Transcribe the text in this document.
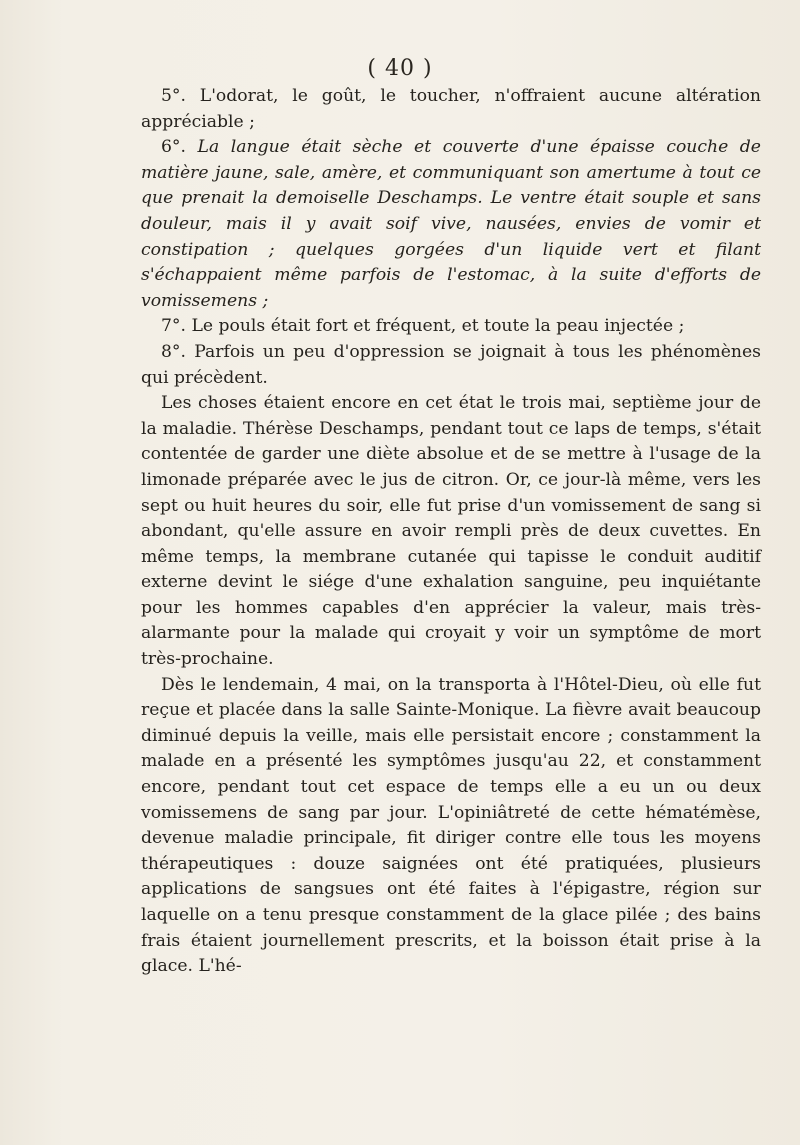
( 40 )

5°. L'odorat, le goût, le toucher, n'offraient aucune altération appréciable ;

6°. La langue était sèche et couverte d'une épaisse couche de matière jaune, sale, amère, et communiquant son amertume à tout ce que prenait la demoiselle Deschamps. Le ventre était souple et sans douleur, mais il y avait soif vive, nausées, envies de vomir et constipation ; quelques gorgées d'un liquide vert et filant s'échappaient même parfois de l'estomac, à la suite d'efforts de vomissemens ;

7°. Le pouls était fort et fréquent, et toute la peau injectée ;

8°. Parfois un peu d'oppression se joignait à tous les phénomènes qui précèdent.

Les choses étaient encore en cet état le trois mai, septième jour de la maladie. Thérèse Deschamps, pendant tout ce laps de temps, s'était contentée de garder une diète absolue et de se mettre à l'usage de la limonade préparée avec le jus de citron. Or, ce jour-là même, vers les sept ou huit heures du soir, elle fut prise d'un vomissement de sang si abondant, qu'elle assure en avoir rempli près de deux cuvettes. En même temps, la membrane cutanée qui tapisse le conduit auditif externe devint le siége d'une exhalation sanguine, peu inquiétante pour les hommes capables d'en apprécier la valeur, mais très-alarmante pour la malade qui croyait y voir un symptôme de mort très-prochaine.

Dès le lendemain, 4 mai, on la transporta à l'Hôtel-Dieu, où elle fut reçue et placée dans la salle Sainte-Monique. La fièvre avait beaucoup diminué depuis la veille, mais elle persistait encore ; constamment la malade en a présenté les symptômes jusqu'au 22, et constamment encore, pendant tout cet espace de temps elle a eu un ou deux vomissemens de sang par jour. L'opiniâtreté de cette hématémèse, devenue maladie principale, fit diriger contre elle tous les moyens thérapeutiques : douze saignées ont été pratiquées, plusieurs applications de sangsues ont été faites à l'épigastre, région sur laquelle on a tenu presque constamment de la glace pilée ; des bains frais étaient journellement prescrits, et la boisson était prise à la glace. L'hé-
